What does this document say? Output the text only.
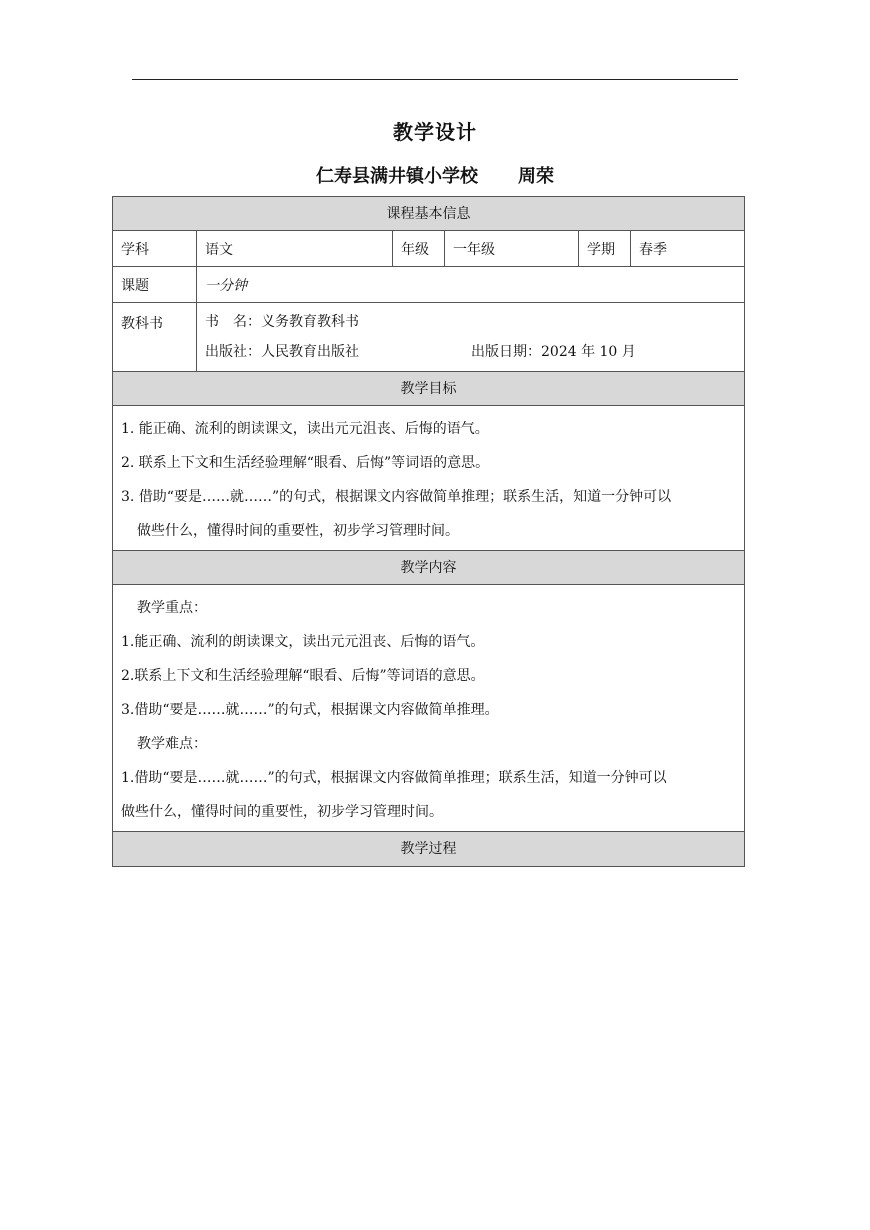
教学设计
仁寿县满井镇小学校 周荣
课程基本信息
学科	语文	年级	一年级	学期	春季
课题	一分钟
教科书	书　名：义务教育教科书
出版社：人民教育出版社	出版日期：2024 年 10 月
教学目标
1. 能正确、流利的朗读课文，读出元元沮丧、后悔的语气。
2. 联系上下文和生活经验理解“眼看、后悔”等词语的意思。
3. 借助“要是……就……”的句式，根据课文内容做简单推理；联系生活，知道一分钟可以
做些什么，懂得时间的重要性，初步学习管理时间。
教学内容
教学重点：
1.能正确、流利的朗读课文，读出元元沮丧、后悔的语气。
2.联系上下文和生活经验理解“眼看、后悔”等词语的意思。
3.借助“要是……就……”的句式，根据课文内容做简单推理。
教学难点：
1.借助“要是……就……”的句式，根据课文内容做简单推理；联系生活，知道一分钟可以
做些什么，懂得时间的重要性，初步学习管理时间。
教学过程
